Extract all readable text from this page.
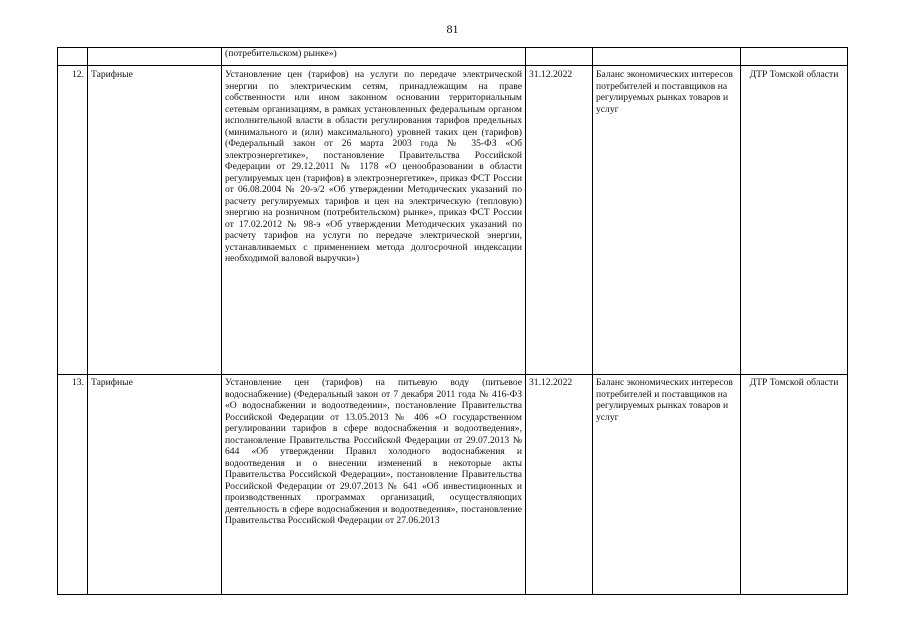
81
		(потребительском) рынке»)			
12.	Тарифные	Установление цен (тарифов) на услуги по передаче электрической энергии по электрическим сетям, принадлежащим на праве собственности или ином законном основании территориальным сетевым организациям, в рамках установленных федеральным органом исполнительной власти в области регулирования тарифов предельных (минимального и (или) максимального) уровней таких цен (тарифов) (Федеральный закон от 26 марта 2003 года № 35-ФЗ «Об электроэнергетике», постановление Правительства Российской Федерации от 29.12.2011 № 1178 «О ценообразовании в области регулируемых цен (тарифов) в электроэнергетике», приказ ФСТ России от 06.08.2004 № 20-э/2 «Об утверждении Методических указаний по расчету регулируемых тарифов и цен на электрическую (тепловую) энергию на розничном (потребительском) рынке», приказ ФСТ России от 17.02.2012 № 98-э «Об утверждении Методических указаний по расчету тарифов на услуги по передаче электрической энергии, устанавливаемых с применением метода долгосрочной индексации необходимой валовой выручки»)	31.12.2022	Баланс экономических интересов потребителей и поставщиков на регулируемых рынках товаров и услуг	ДТР Томской области
13.	Тарифные	Установление цен (тарифов) на питьевую воду (питьевое водоснабжение) (Федеральный закон от 7 декабря 2011 года № 416-ФЗ «О водоснабжении и водоотведении», постановление Правительства Российской Федерации от 13.05.2013 № 406 «О государственном регулировании тарифов в сфере водоснабжения и водоотведения», постановление Правительства Российской Федерации от 29.07.2013 № 644 «Об утверждении Правил холодного водоснабжения и водоотведения и о внесении изменений в некоторые акты Правительства Российской Федерации», постановление Правительства Российской Федерации от 29.07.2013 № 641 «Об инвестиционных и производственных программах организаций, осуществляющих деятельность в сфере водоснабжения и водоотведения», постановление Правительства Российской Федерации от 27.06.2013	31.12.2022	Баланс экономических интересов потребителей и поставщиков на регулируемых рынках товаров и услуг	ДТР Томской области
